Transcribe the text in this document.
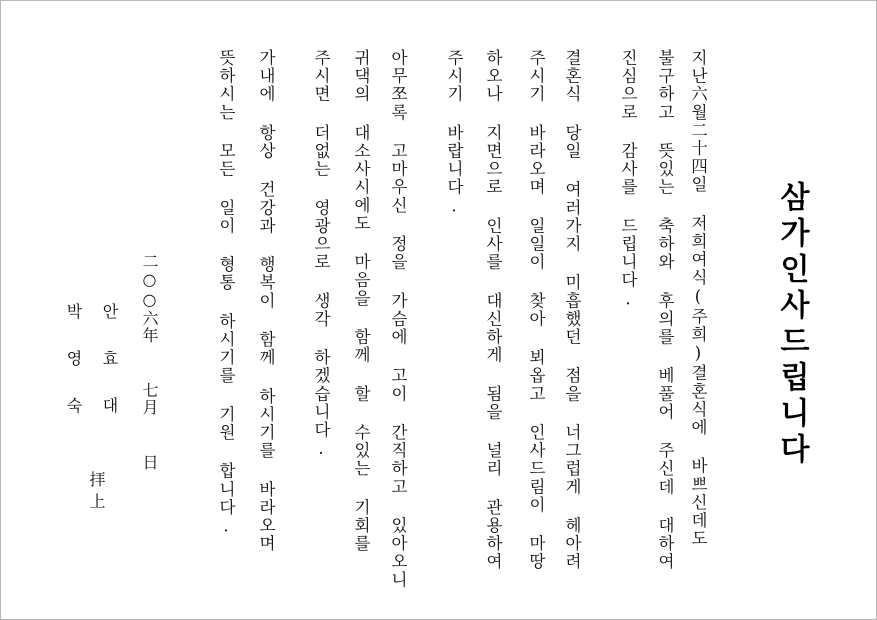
삼가인사드립니다
지난六월二十四일 저희여식(주희)결혼식에 바쁘신데도
불구하고 뜻있는 축하와 후의를 베풀어 주신데 대하여
진심으로 감사를 드립니다.
결혼식 당일 여러가지 미흡했던 점을 너그럽게 헤아려
주시기 바라오며 일일이 찾아 뵈옵고 인사드림이 마땅
하오나 지면으로 인사를 대신하게 됨을 널리 관용하여
주시기 바랍니다.
아무쪼록 고마우신 정을 가슴에 고이 간직하고 있아오니
귀댁의 대소사시에도 마음을 함께 할 수있는 기회를
주시면 더없는 영광으로 생각 하겠습니다.
가내에 항상 건강과 행복이 함께 하시기를 바라오며
뜻하시는 모든 일이 형통 하시기를 기원 합니다.
二○○六年 七月 日
안 효 대
拝上
박 영 숙
